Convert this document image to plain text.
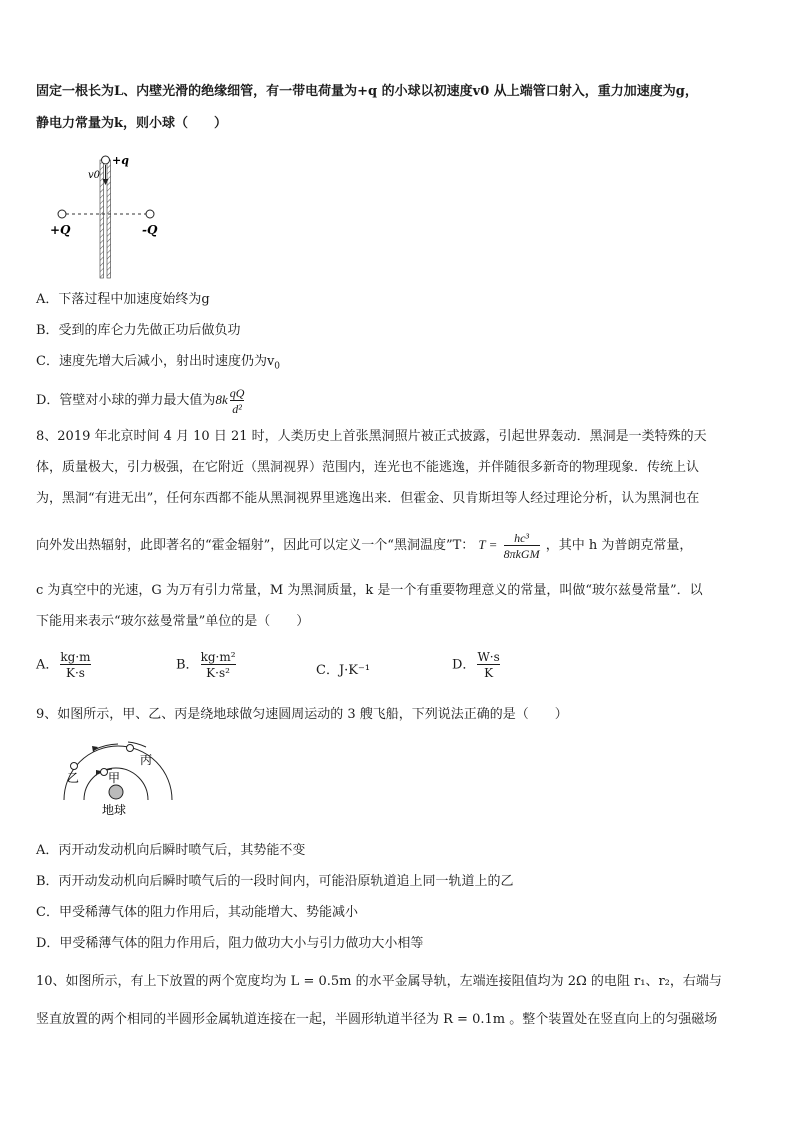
固定一根长为L、内壁光滑的绝缘细管，有一带电荷量为+q 的小球以初速度v0 从上端管口射入，重力加速度为g，
静电力常量为k，则小球（　　）
+q
v0
+Q	-Q
A．下落过程中加速度始终为g
B．受到的库仑力先做正功后做负功
C．速度先增大后减小，射出时速度仍为$v_0$
D．管壁对小球的弹力最大值为$8k \frac{qQ}{\text{d²}}$
8、2019 年北京时间 4 月 10 日 21 时，人类历史上首张黑洞照片被正式披露，引起世界轰动．黑洞是一类特殊的天
体，质量极大，引力极强，在它附近（黑洞视界）范围内，连光也不能逃逸，并伴随很多新奇的物理现象．传统上认
为，黑洞“有进无出”，任何东西都不能从黑洞视界里逃逸出来．但霍金、贝肯斯坦等人经过理论分析，认为黑洞也在
向外发出热辐射，此即著名的“霍金辐射”，因此可以定义一个“黑洞温度”T： $T = \frac{\text{hc³}}{\text{8πkGM}}$ ，其中 h 为普朗克常量，
c 为真空中的光速，G 为万有引力常量，M 为黑洞质量，k 是一个有重要物理意义的常量，叫做“玻尔兹曼常量”．以
下能用来表示“玻尔兹曼常量”单位的是（　　）
A． $\frac{kg\cdot m}{K\cdot s}$	B． $\frac{\text{kg·m²}}{\text{K·s²}}$	C．J·K⁻¹	D． $\frac{W\cdot s}{K}$
9、如图所示，甲、乙、丙是绕地球做匀速圆周运动的 3 艘飞船，下列说法正确的是（　　）
乙 甲
丙
地球
A．丙开动发动机向后瞬时喷气后，其势能不变
B．丙开动发动机向后瞬时喷气后的一段时间内，可能沿原轨道追上同一轨道上的乙
C．甲受稀薄气体的阻力作用后，其动能增大、势能减小
D．甲受稀薄气体的阻力作用后，阻力做功大小与引力做功大小相等
10、如图所示，有上下放置的两个宽度均为 L = 0.5m 的水平金属导轨，左端连接阻值均为 2Ω 的电阻 r₁、r₂，右端与
竖直放置的两个相同的半圆形金属轨道连接在一起，半圆形轨道半径为 R = 0.1m 。整个装置处在竖直向上的匀强磁场
